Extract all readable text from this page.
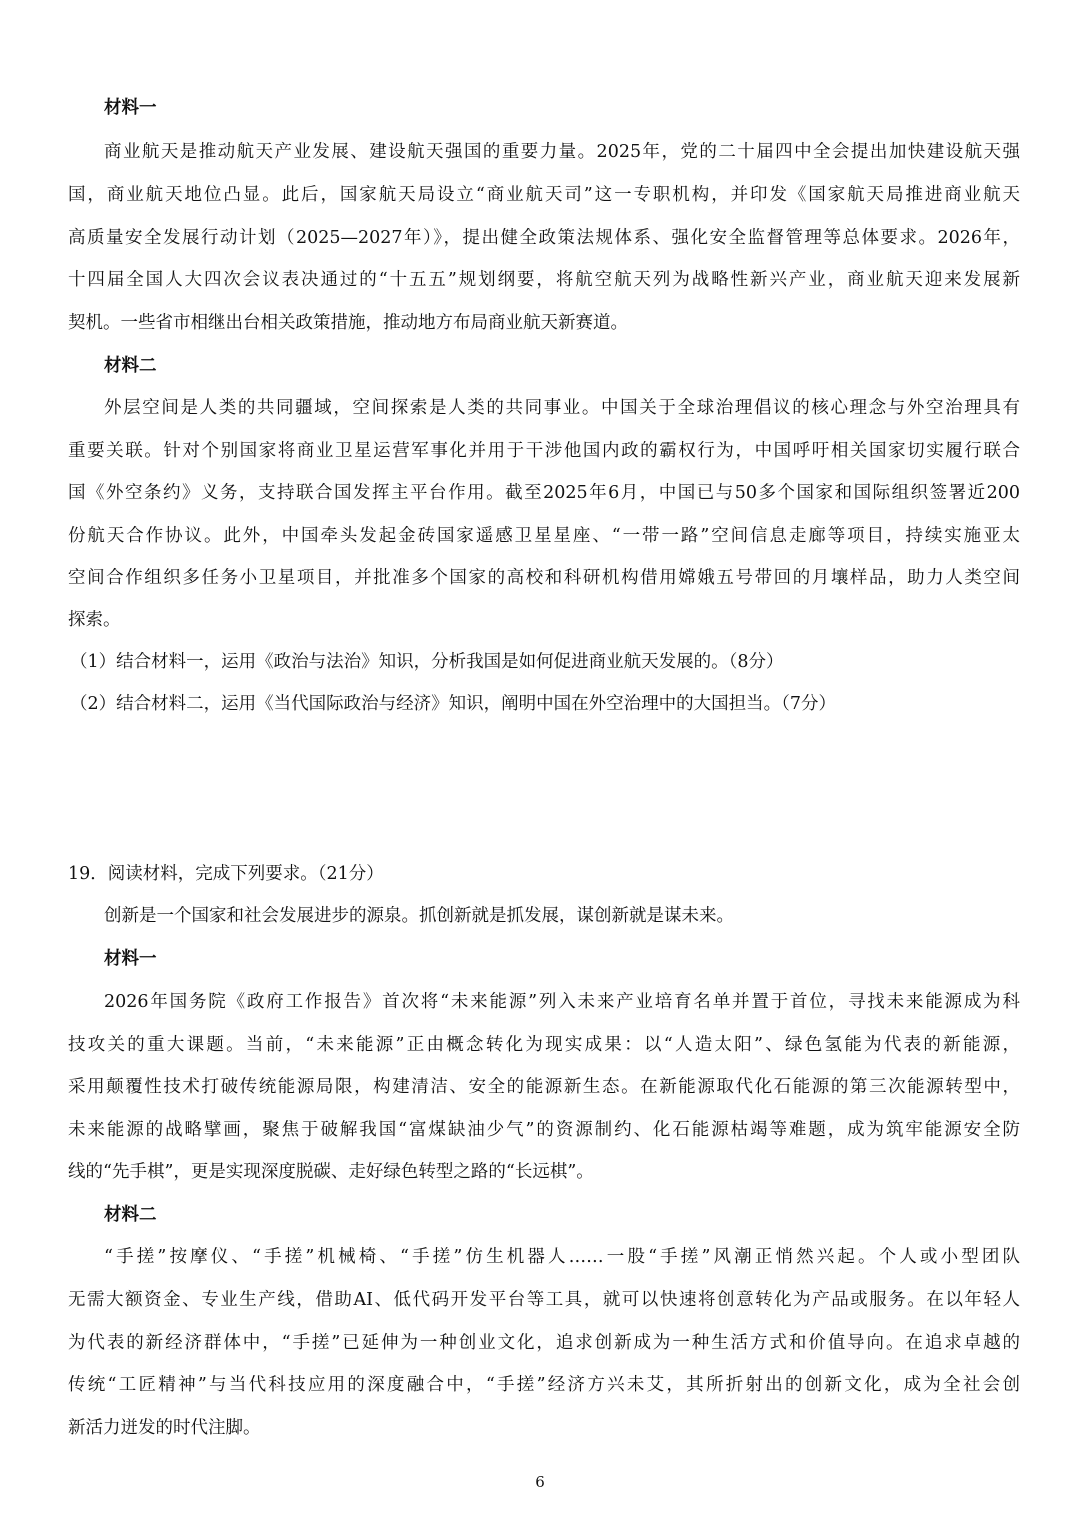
材料一
商业航天是推动航天产业发展、建设航天强国的重要力量。2025年，党的二十届四中全会提出加快建设航天强
国，商业航天地位凸显。此后，国家航天局设立“商业航天司”这一专职机构，并印发《国家航天局推进商业航天
高质量安全发展行动计划（2025—2027年）》，提出健全政策法规体系、强化安全监督管理等总体要求。2026年，
十四届全国人大四次会议表决通过的“十五五”规划纲要，将航空航天列为战略性新兴产业，商业航天迎来发展新
契机。一些省市相继出台相关政策措施，推动地方布局商业航天新赛道。
材料二
外层空间是人类的共同疆域，空间探索是人类的共同事业。中国关于全球治理倡议的核心理念与外空治理具有
重要关联。针对个别国家将商业卫星运营军事化并用于干涉他国内政的霸权行为，中国呼吁相关国家切实履行联合
国《外空条约》义务，支持联合国发挥主平台作用。截至2025年6月，中国已与50多个国家和国际组织签署近200
份航天合作协议。此外，中国牵头发起金砖国家遥感卫星星座、“一带一路”空间信息走廊等项目，持续实施亚太
空间合作组织多任务小卫星项目，并批准多个国家的高校和科研机构借用嫦娥五号带回的月壤样品，助力人类空间
探索。
（1）结合材料一，运用《政治与法治》知识，分析我国是如何促进商业航天发展的。（8分）
（2）结合材料二，运用《当代国际政治与经济》知识，阐明中国在外空治理中的大国担当。（7分）
19．阅读材料，完成下列要求。（21分）
创新是一个国家和社会发展进步的源泉。抓创新就是抓发展，谋创新就是谋未来。
材料一
2026年国务院《政府工作报告》首次将“未来能源”列入未来产业培育名单并置于首位，寻找未来能源成为科
技攻关的重大课题。当前，“未来能源”正由概念转化为现实成果：以“人造太阳”、绿色氢能为代表的新能源，
采用颠覆性技术打破传统能源局限，构建清洁、安全的能源新生态。在新能源取代化石能源的第三次能源转型中，
未来能源的战略擘画，聚焦于破解我国“富煤缺油少气”的资源制约、化石能源枯竭等难题，成为筑牢能源安全防
线的“先手棋”，更是实现深度脱碳、走好绿色转型之路的“长远棋”。
材料二
“手搓”按摩仪、“手搓”机械椅、“手搓”仿生机器人……一股“手搓”风潮正悄然兴起。个人或小型团队
无需大额资金、专业生产线，借助AI、低代码开发平台等工具，就可以快速将创意转化为产品或服务。在以年轻人
为代表的新经济群体中，“手搓”已延伸为一种创业文化，追求创新成为一种生活方式和价值导向。在追求卓越的
传统“工匠精神”与当代科技应用的深度融合中，“手搓”经济方兴未艾，其所折射出的创新文化，成为全社会创
新活力迸发的时代注脚。
6
